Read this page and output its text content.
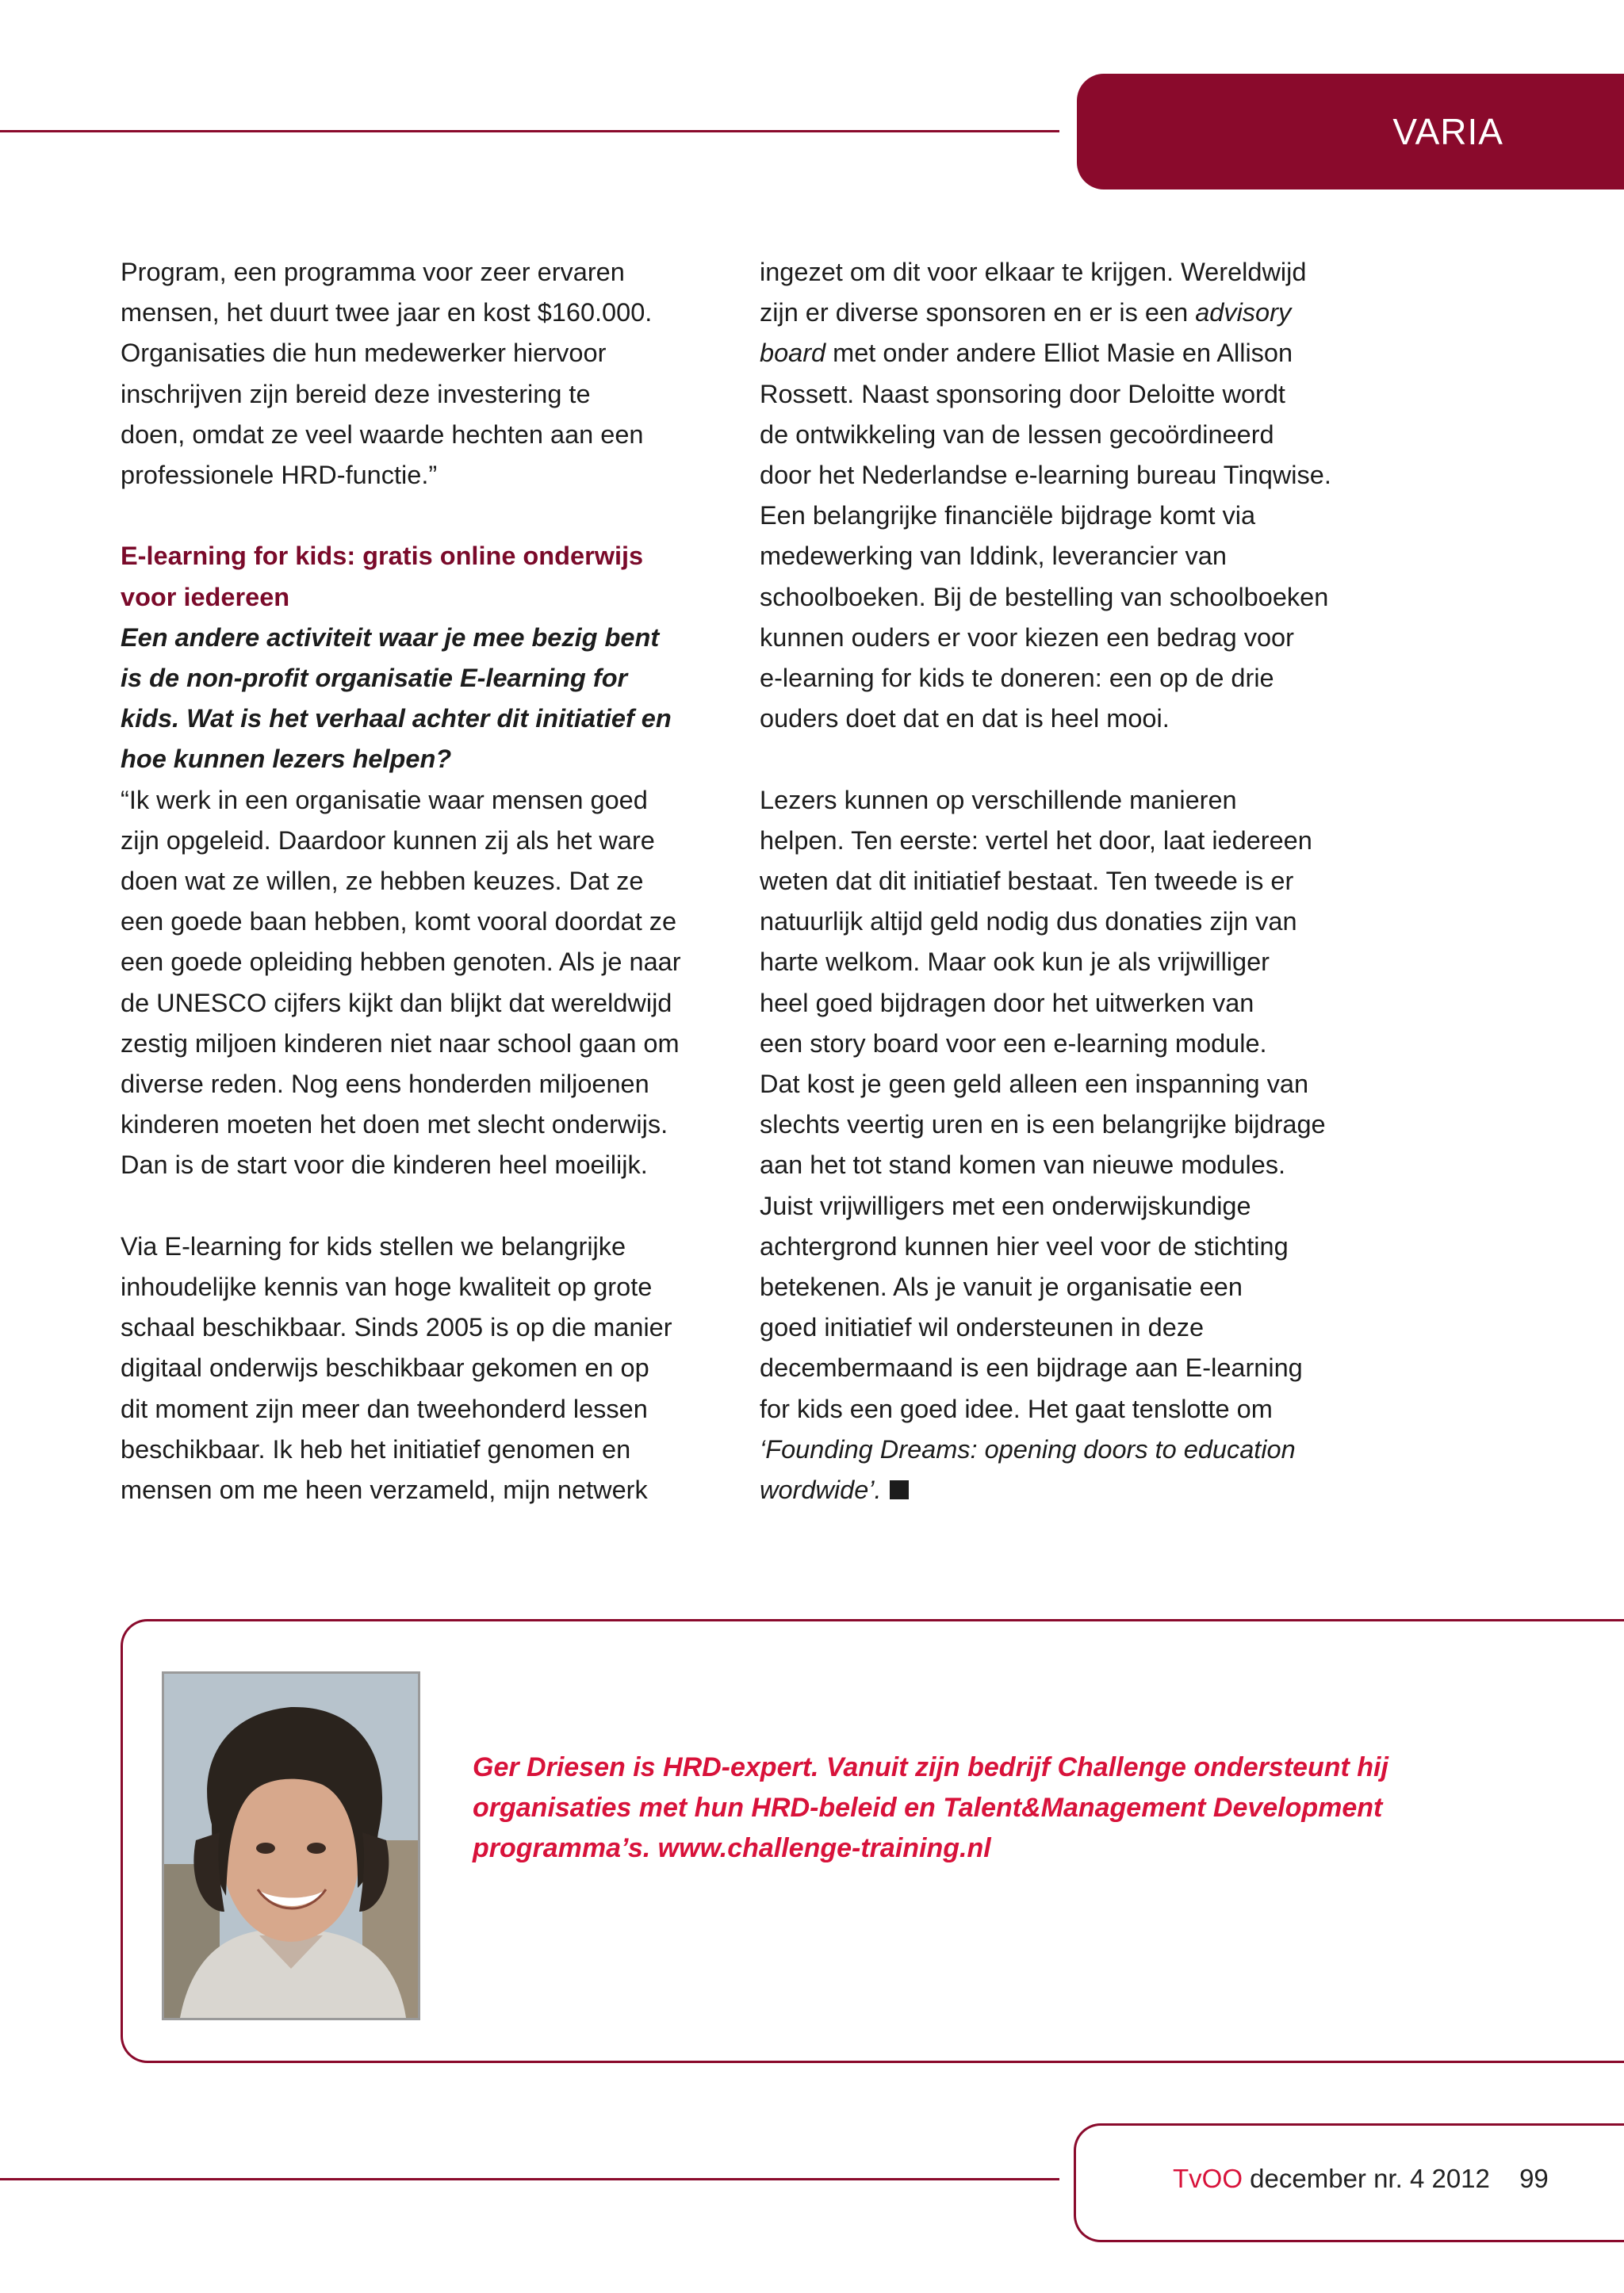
VARIA

Program, een programma voor zeer ervaren

mensen, het duurt twee jaar en kost $160.000.

Organisaties die hun medewerker hiervoor

inschrijven zijn bereid deze investering te

doen, omdat ze veel waarde hechten aan een

professionele HRD-functie.”

E-learning for kids: gratis online onderwijs

voor iedereen

Een andere activiteit waar je mee bezig bent

is de non-profit organisatie E-learning for

kids. Wat is het verhaal achter dit initiatief en

hoe kunnen lezers helpen?

“Ik werk in een organisatie waar mensen goed

zijn opgeleid. Daardoor kunnen zij als het ware

doen wat ze willen, ze hebben keuzes. Dat ze

een goede baan hebben, komt vooral doordat ze

een goede opleiding hebben genoten. Als je naar

de UNESCO cijfers kijkt dan blijkt dat wereldwijd

zestig miljoen kinderen niet naar school gaan om

diverse reden. Nog eens honderden miljoenen

kinderen moeten het doen met slecht onderwijs.

Dan is de start voor die kinderen heel moeilijk.

Via E-learning for kids stellen we belangrijke

inhoudelijke kennis van hoge kwaliteit op grote

schaal beschikbaar. Sinds 2005 is op die manier

digitaal onderwijs beschikbaar gekomen en op

dit moment zijn meer dan tweehonderd lessen

beschikbaar. Ik heb het initiatief genomen en

mensen om me heen verzameld, mijn netwerk

ingezet om dit voor elkaar te krijgen. Wereldwijd

zijn er diverse sponsoren en er is een advisory

board met onder andere Elliot Masie en Allison

Rossett. Naast sponsoring door Deloitte wordt

de ontwikkeling van de lessen gecoördineerd

door het Nederlandse e-learning bureau Tinqwise.

Een belangrijke financiële bijdrage komt via

medewerking van Iddink, leverancier van

schoolboeken. Bij de bestelling van schoolboeken

kunnen ouders er voor kiezen een bedrag voor

e-learning for kids te doneren: een op de drie

ouders doet dat en dat is heel mooi.

Lezers kunnen op verschillende manieren

helpen. Ten eerste: vertel het door, laat iedereen

weten dat dit initiatief bestaat. Ten tweede is er

natuurlijk altijd geld nodig dus donaties zijn van

harte welkom. Maar ook kun je als vrijwilliger

heel goed bijdragen door het uitwerken van

een story board voor een e-learning module.

Dat kost je geen geld alleen een inspanning van

slechts veertig uren en is een belangrijke bijdrage

aan het tot stand komen van nieuwe modules.

Juist vrijwilligers met een onderwijskundige

achtergrond kunnen hier veel voor de stichting

betekenen. Als je vanuit je organisatie een

goed initiatief wil ondersteunen in deze

decembermaand is een bijdrage aan E-learning

for kids een goed idee. Het gaat tenslotte om

‘Founding Dreams: opening doors to education

wordwide’.

Ger Driesen is HRD-expert. Vanuit zijn bedrijf Challenge ondersteunt hij
organisaties met hun HRD-beleid en Talent&Management Development
programma’s. www.challenge-training.nl
TvOO december nr. 4 2012 99
